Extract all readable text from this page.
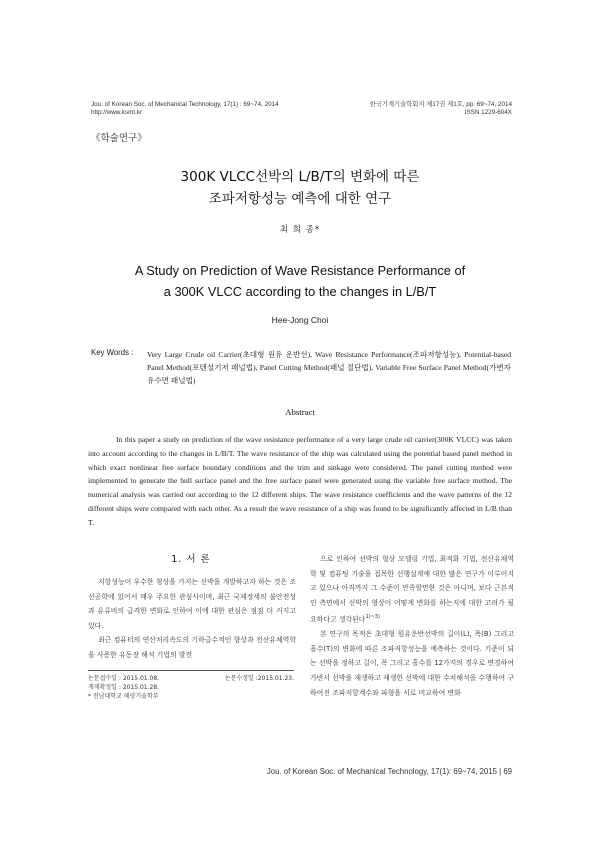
Jou. of Korean Soc. of Mechanical Technology, 17(1) : 69~74, 2014
http://www.ksmt.kr
한국기계기술학회지 제17권 제1호, pp. 69~74, 2014
ISSN 1229-604X
《학술연구》
300K VLCC선박의 L/B/T의 변화에 따른
조파저항성능 예측에 대한 연구
최 희 종*
A Study on Prediction of Wave Resistance Performance of
a 300K VLCC according to the changes in L/B/T
Hee-Jong Choi
Key Words : Very Large Crude oil Carrier(초대형 원유 운반선), Wave Resistance Performance(조파저항성능), Potential-based Panel Method(포텐셜기저 패널법), Panel Cutting Method(패널 절단법), Variable Free Surface Panel Method(가변자유수면 패널법)
Abstract
In this paper a study on prediction of the wave resistance performance of a very large crude oil carrier(300K VLCC) was taken into account according to the changes in L/B/T. The wave resistance of the ship was calculated using the potential based panel method in which exact nonlinear free surface boundary conditions and the trim and sinkage were considered. The panel cutting method were implemented to generate the hull surface panel and the free surface panel were generated using the variable free surface method. The numerical analysis was carried out according to the 12 different ships. The wave resistance coefficients and the wave patterns of the 12 different ships were compared with each other. As a result the wave resistance of a ship was found to be significantly affected in L/B than T.
1. 서 론

저항성능이 우수한 형상을 가지는 선박을 개발하고자 하는 것은 조선공학에 있어서 매우 주요한 관심사이며, 최근 국제정세의 불안전성과 유류비의 급격한 변화로 인하여 이에 대한 관심은 점점 더 커지고 있다.

최근 컴퓨터의 연산처리속도의 기하급수적인 향상과 전산유체역학을 사용한 유동장 해석 기법의 발전

논문접수일 : 2015.01.08.	논문수정일 :2015.01.23.
게재확정일 : 2015.01.28.
* 전남대학교 해양기술학부

으로 인하여 선박의 형상 모델링 기법, 최적화 기법, 전산유체역학 및 컴퓨팅 기술을 접목한 선행설계에 대한 많은 연구가 이루어지고 있으나 아직까지 그 수준이 만족할만한 것은 아니며, 보다 근본적인 측면에서 선박의 형상이 어떻게 변화를 하는지에 대한 고려가 필요하다고 생각된다$^{1)\sim 3)}$

본 연구의 목적은 초대형 원유운반선박의 길이(L), 폭(B) 그리고 흘수(T)의 변화에 따른 조파저항성능을 예측하는 것이다. 기준이 되는 선박을 정하고 길이, 폭 그리고 흘수를 12가지의 경우로 변경하여 가변서 선박을 재생하고 재생한 선박에 대한 수치해석을 수행하여 구하여진 조파저항계수와 파형을 서로 비교하여 변화

Jou. of Korean Soc. of Mechanical Technology, 17(1): 69~74, 2015 | 69
